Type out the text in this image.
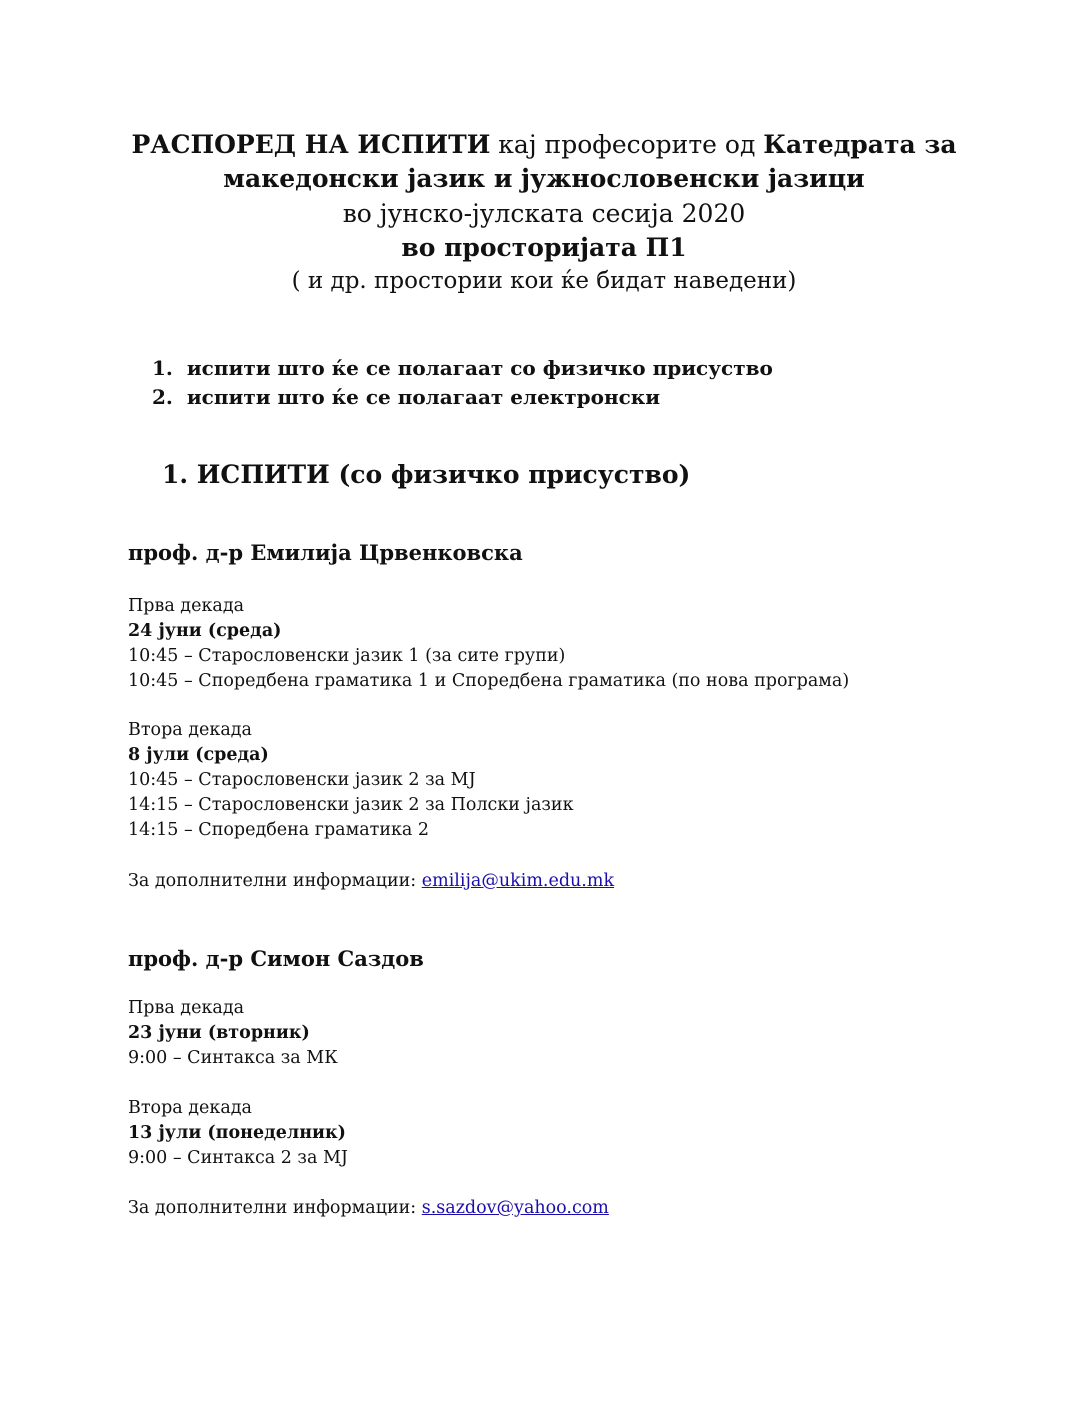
РАСПОРЕД НА ИСПИТИ кај професорите од Катедрата за
македонски јазик и јужнословенски јазици
во јунско-јулската сесија 2020
во просторијата П1
( и др. простории кои ќе бидат наведени)
1. испити што ќе се полагаат со физичко присуство
2. испити што ќе се полагаат електронски
1. ИСПИТИ (со физичко присуство)
проф. д-р Емилија Црвенковска
Прва декада
24 јуни (среда)
10:45 – Старословенски јазик 1 (за сите групи)
10:45 – Споредбена граматика 1 и Споредбена граматика (по нова програма)
Втора декада
8 јули (среда)
10:45 – Старословенски јазик 2 за МЈ
14:15 – Старословенски јазик 2 за Полски јазик
14:15 – Споредбена граматика 2
За дополнителни информации: emilija@ukim.edu.mk
проф. д-р Симон Саздов
Прва декада
23 јуни (вторник)
9:00 – Синтакса за МК
Втора декада
13 јули (понеделник)
9:00 – Синтакса 2 за МЈ
За дополнителни информации: s.sazdov@yahoo.com
